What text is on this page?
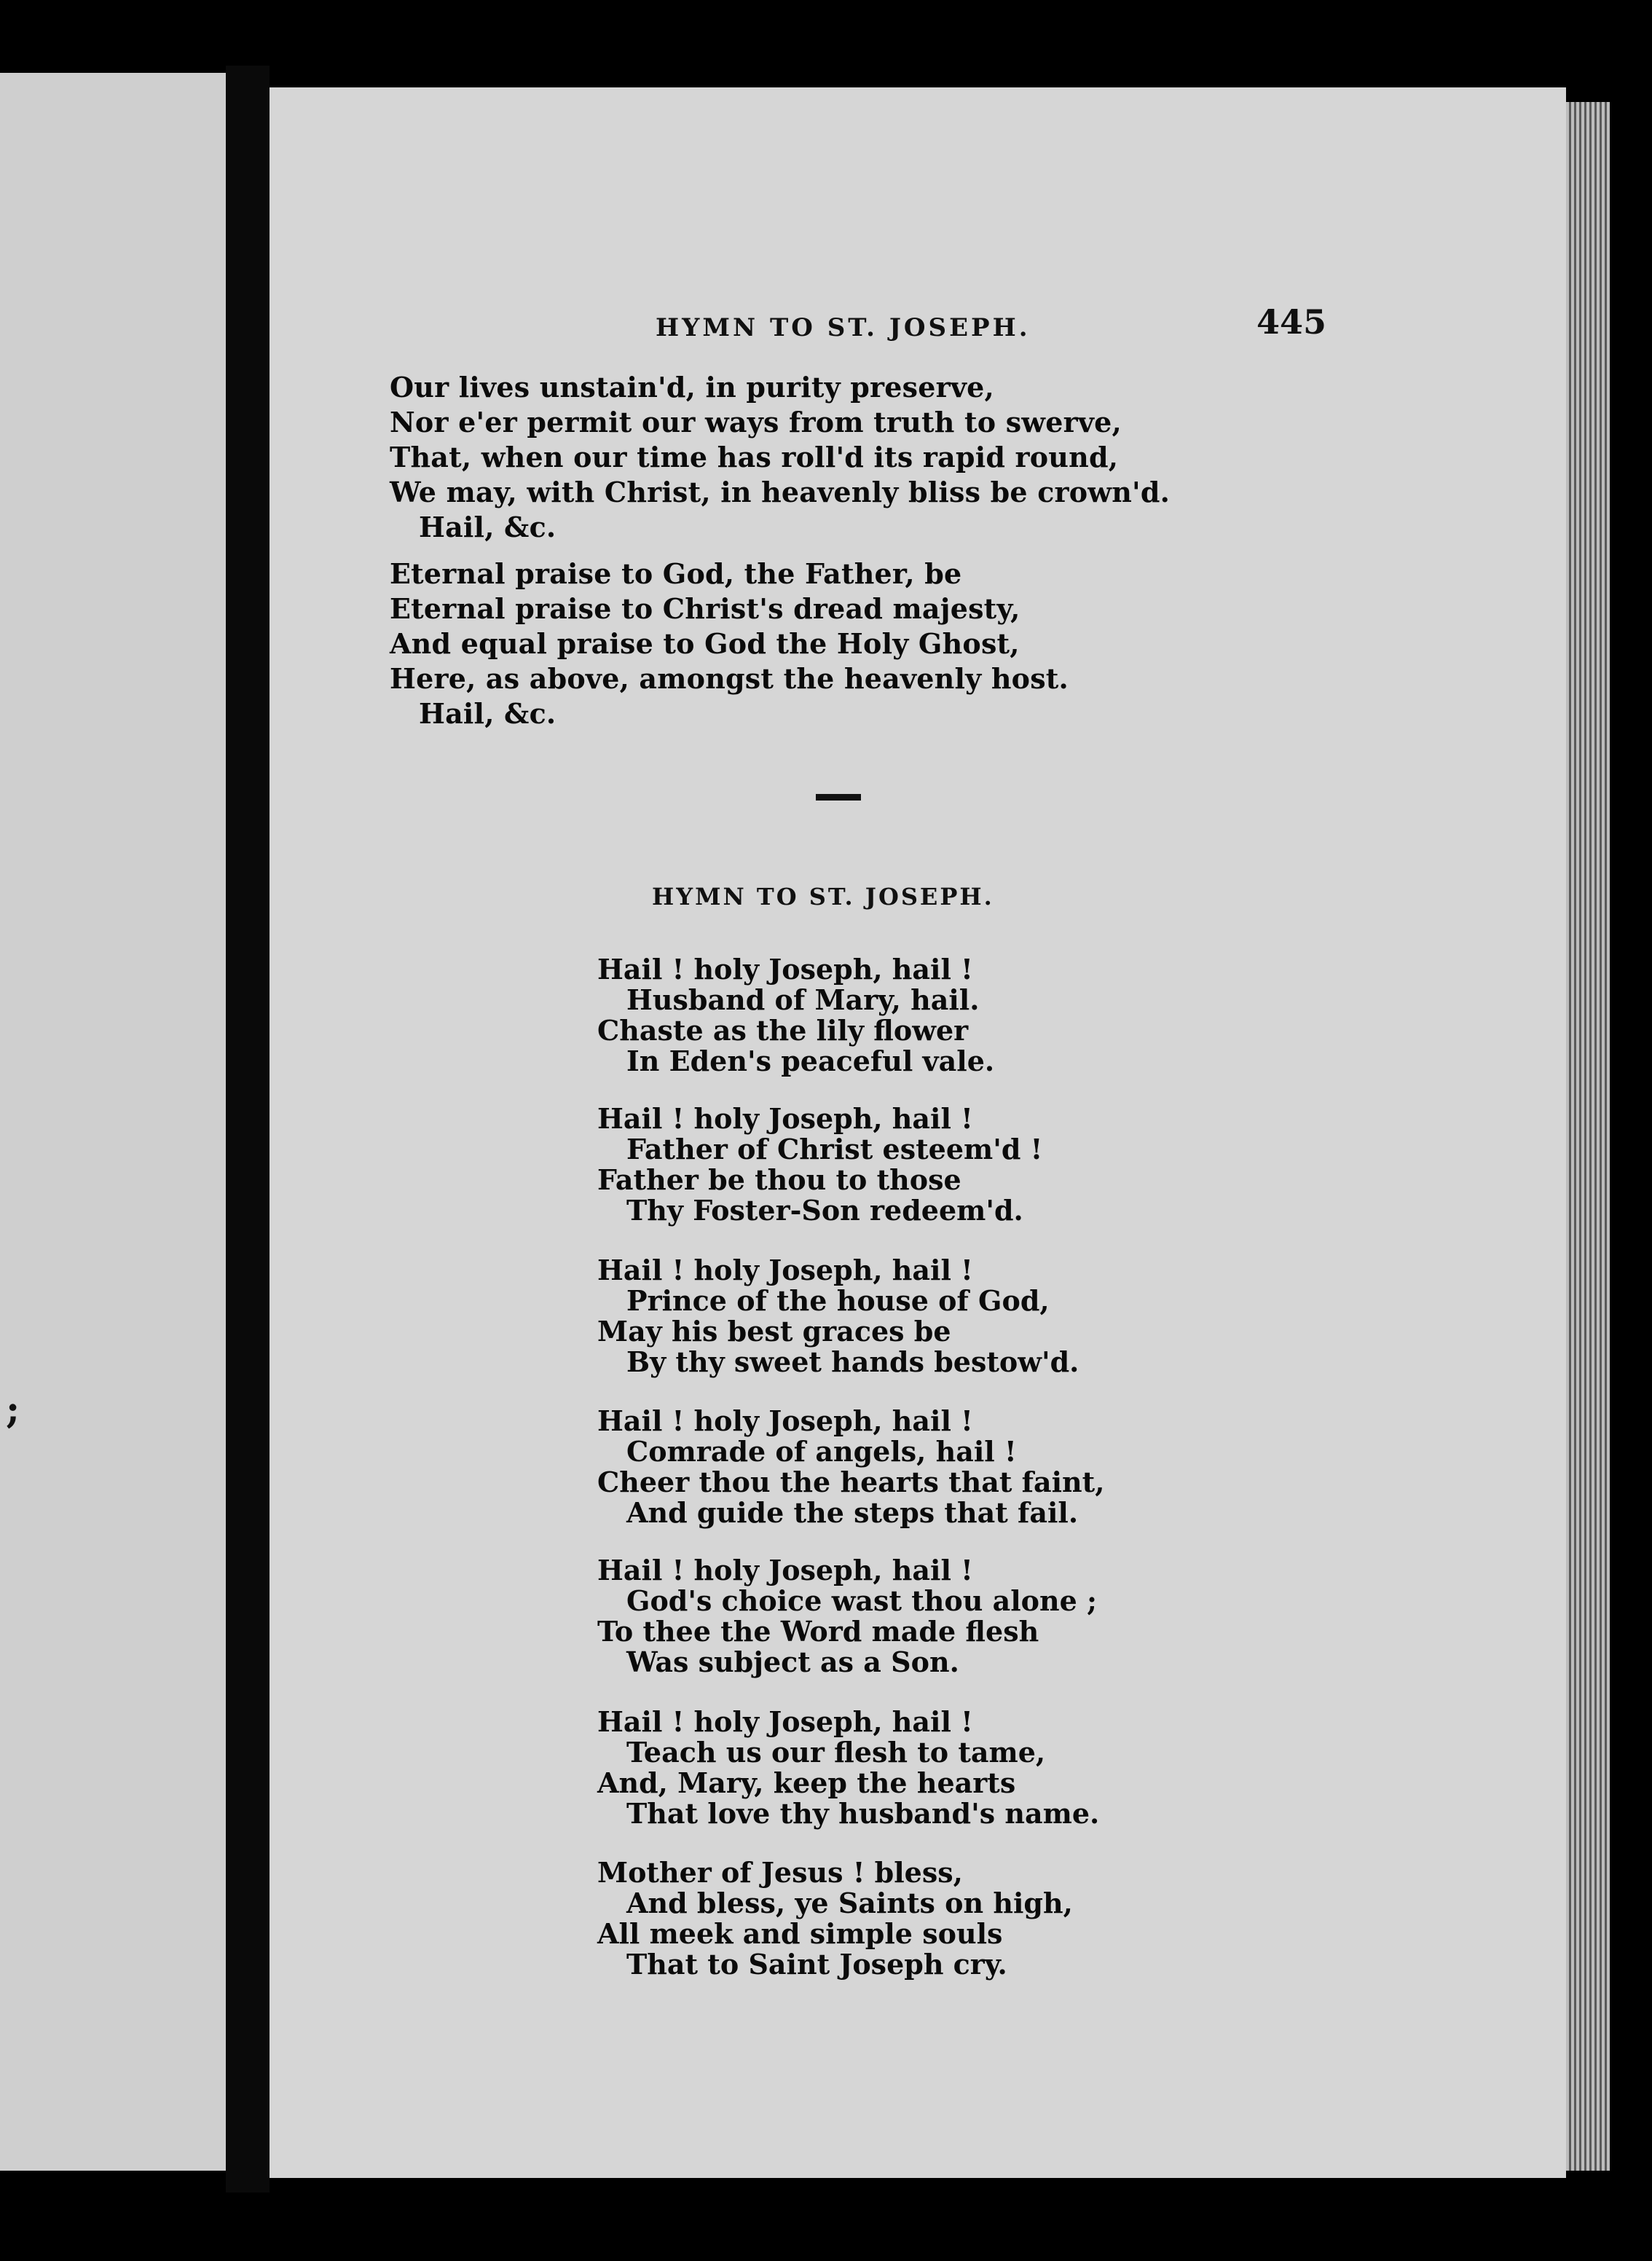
;
HYMN TO ST. JOSEPH.	445
Our lives unstain'd, in purity preserve,
Nor e'er permit our ways from truth to swerve,
That, when our time has roll'd its rapid round,
We may, with Christ, in heavenly bliss be crown'd.
Hail, &c.
Eternal praise to God, the Father, be
Eternal praise to Christ's dread majesty,
And equal praise to God the Holy Ghost,
Here, as above, amongst the heavenly host.
Hail, &c.
HYMN TO ST. JOSEPH.
Hail ! holy Joseph, hail !
Husband of Mary, hail.
Chaste as the lily flower
In Eden's peaceful vale.
Hail ! holy Joseph, hail !
Father of Christ esteem'd !
Father be thou to those
Thy Foster-Son redeem'd.
Hail ! holy Joseph, hail !
Prince of the house of God,
May his best graces be
By thy sweet hands bestow'd.
Hail ! holy Joseph, hail !
Comrade of angels, hail !
Cheer thou the hearts that faint,
And guide the steps that fail.
Hail ! holy Joseph, hail !
God's choice wast thou alone ;
To thee the Word made flesh
Was subject as a Son.
Hail ! holy Joseph, hail !
Teach us our flesh to tame,
And, Mary, keep the hearts
That love thy husband's name.
Mother of Jesus ! bless,
And bless, ye Saints on high,
All meek and simple souls
That to Saint Joseph cry.
